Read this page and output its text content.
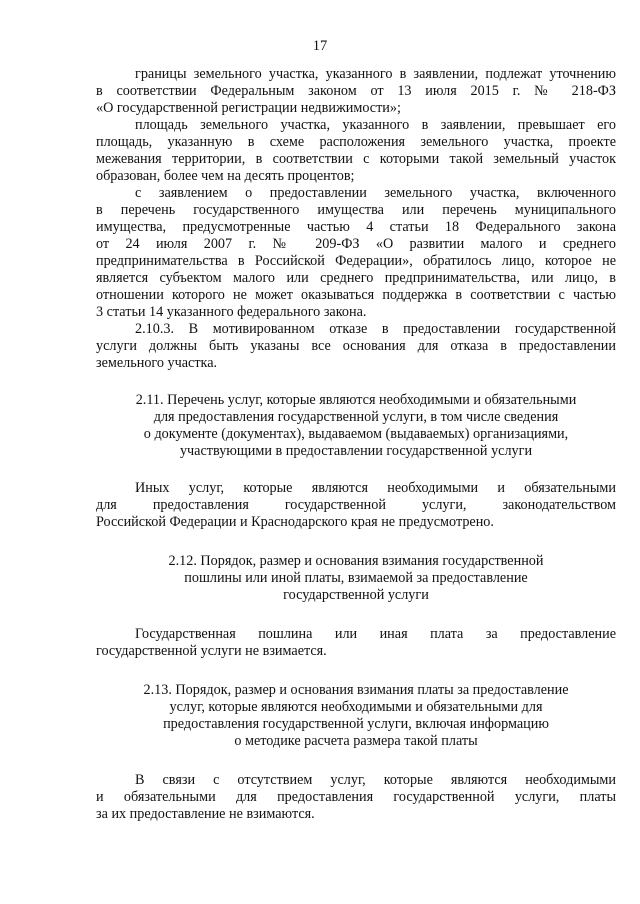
17
границы земельного участка, указанного в заявлении, подлежат уточнению
в соответствии Федеральным законом от 13 июля 2015 г. № 218-ФЗ
«О государственной регистрации недвижимости»;
площадь земельного участка, указанного в заявлении, превышает его
площадь, указанную в схеме расположения земельного участка, проекте
межевания территории, в соответствии с которыми такой земельный участок
образован, более чем на десять процентов;
с заявлением о предоставлении земельного участка, включенного
в перечень государственного имущества или перечень муниципального
имущества, предусмотренные частью 4 статьи 18 Федерального закона
от 24 июля 2007 г. № 209-ФЗ «О развитии малого и среднего
предпринимательства в Российской Федерации», обратилось лицо, которое не
является субъектом малого или среднего предпринимательства, или лицо, в
отношении которого не может оказываться поддержка в соответствии с частью
3 статьи 14 указанного федерального закона.
2.10.3. В мотивированном отказе в предоставлении государственной
услуги должны быть указаны все основания для отказа в предоставлении
земельного участка.
2.11. Перечень услуг, которые являются необходимыми и обязательными
для предоставления государственной услуги, в том числе сведения
о документе (документах), выдаваемом (выдаваемых) организациями,
участвующими в предоставлении государственной услуги
Иных услуг, которые являются необходимыми и обязательными
для предоставления государственной услуги, законодательством
Российской Федерации и Краснодарского края не предусмотрено.
2.12. Порядок, размер и основания взимания государственной
пошлины или иной платы, взимаемой за предоставление
государственной услуги
Государственная пошлина или иная плата за предоставление
государственной услуги не взимается.
2.13. Порядок, размер и основания взимания платы за предоставление
услуг, которые являются необходимыми и обязательными для
предоставления государственной услуги, включая информацию
о методике расчета размера такой платы
В связи с отсутствием услуг, которые являются необходимыми
и обязательными для предоставления государственной услуги, платы
за их предоставление не взимаются.
